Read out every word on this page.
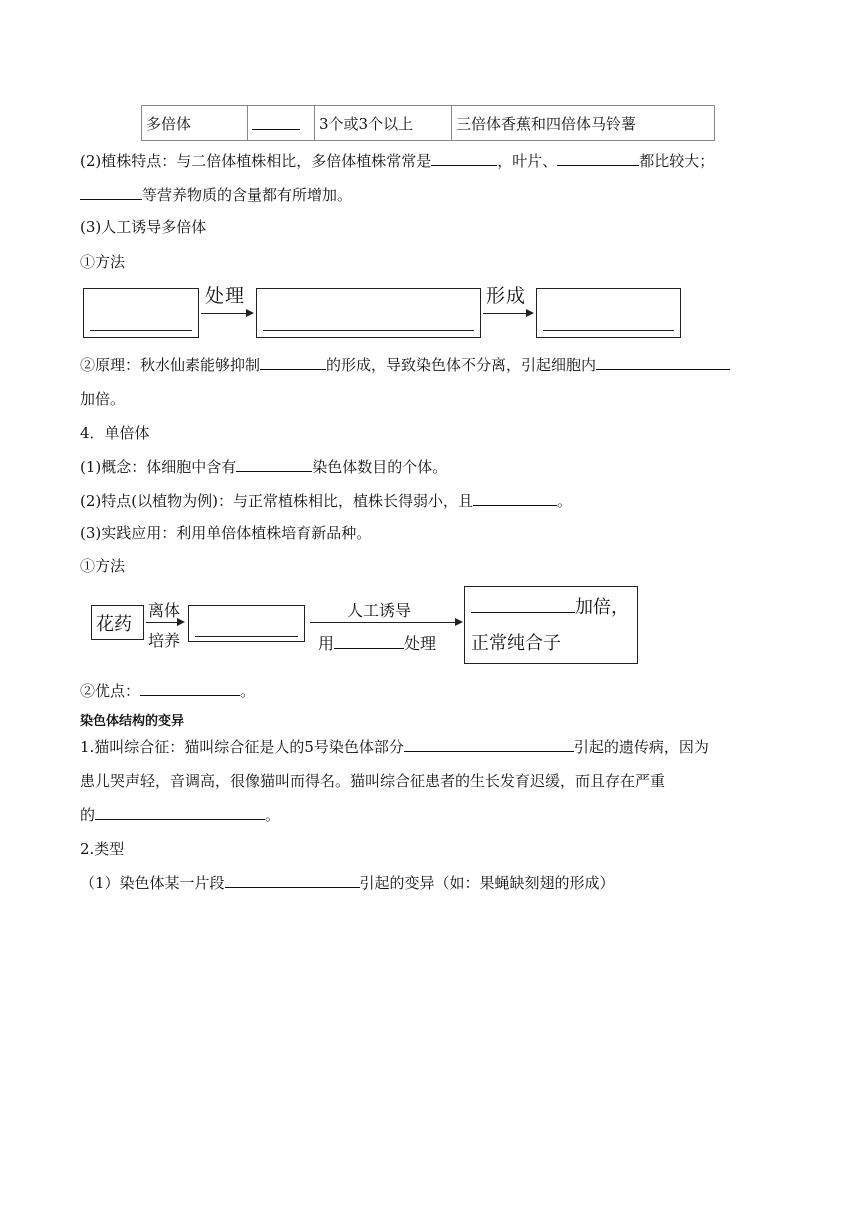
多倍体		3个或3个以上	三倍体香蕉和四倍体马铃薯
(2)植株特点：与二倍体植株相比，多倍体植株常常是	，叶片、	都比较大；
等营养物质的含量都有所增加。
(3)人工诱导多倍体
①方法
处理	形成
②原理：秋水仙素能够抑制	的形成，导致染色体不分离，引起细胞内
加倍。
4．单倍体
(1)概念：体细胞中含有	染色体数目的个体。
(2)特点(以植物为例)：与正常植株相比，植株长得弱小，且	。
(3)实践应用：利用单倍体植株培育新品种。
①方法
花药
离体
培养
人工诱导
用	处理
加倍，
正常纯合子
②优点：	。
染色体结构的变异
1.猫叫综合征：猫叫综合征是人的5号染色体部分	引起的遗传病，因为
患儿哭声轻，音调高，很像猫叫而得名。猫叫综合征患者的生长发育迟缓，而且存在严重
的	。
2.类型
（1）染色体某一片段	引起的变异（如：果蝇缺刻翅的形成）
